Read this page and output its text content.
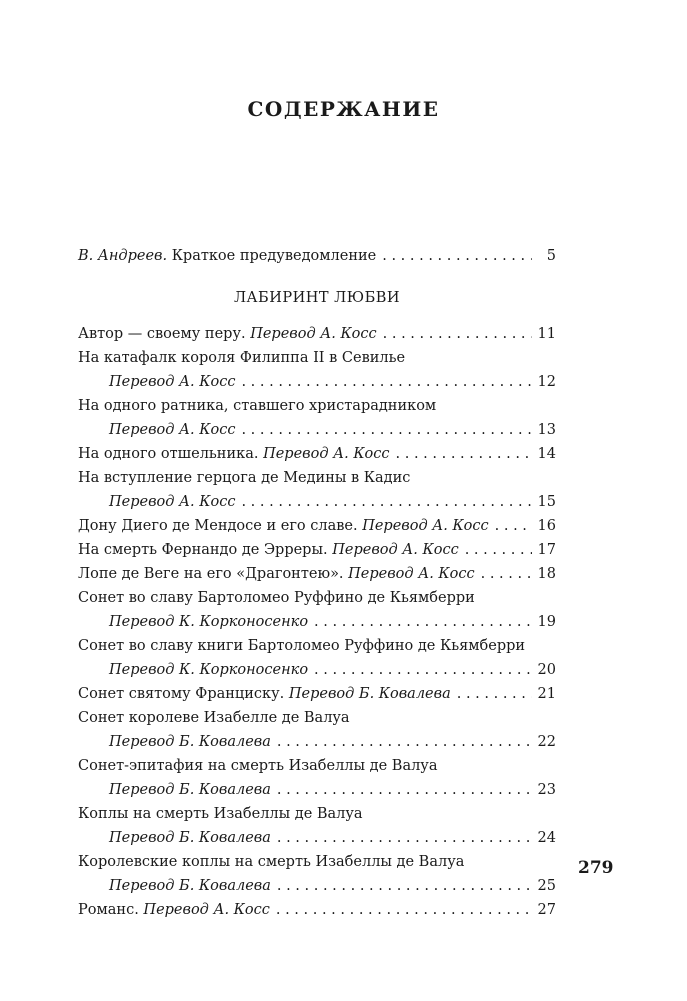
СОДЕРЖАНИЕ
В. Андреев. Краткое предуведомление . . .	5
ЛАБИРИНТ ЛЮБВИ
Автор — своему перу. Перевод А. Косс . . .	11
На катафалк короля Филиппа II в Севилье
Перевод А. Косс . . .	12
На одного ратника, ставшего христарадником
Перевод А. Косс . . .	13
На одного отшельника. Перевод А. Косс . . .	14
На вступление герцога де Медины в Кадис
Перевод А. Косс . . .	15
Дону Диего де Мендосе и его славе. Перевод А. Косс . . .	16
На смерть Фернандо де Эрреры. Перевод А. Косс . . .	17
Лопе де Веге на его «Драгонтею». Перевод А. Косс . . .	18
Сонет во славу Бартоломео Руффино де Кьямберри
Перевод К. Корконосенко . . .	19
Сонет во славу книги Бартоломео Руффино де Кьямберри
Перевод К. Корконосенко . . .	20
Сонет святому Франциску. Перевод Б. Ковалева . . .	21
Сонет королеве Изабелле де Валуа
Перевод Б. Ковалева . . .	22
Сонет-эпитафия на смерть Изабеллы де Валуа
Перевод Б. Ковалева . . .	23
Коплы на смерть Изабеллы де Валуа
Перевод Б. Ковалева . . .	24
Королевские коплы на смерть Изабеллы де Валуа
Перевод Б. Ковалева . . .	25
Романс. Перевод А. Косс . . .	27
279
